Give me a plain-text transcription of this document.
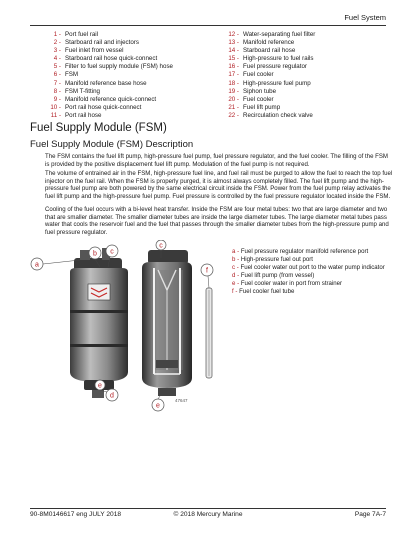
Fuel System
1 - Port fuel rail
2 - Starboard rail and injectors
3 - Fuel inlet from vessel
4 - Starboard rail hose quick-connect
5 - Filter to fuel supply module (FSM) hose
6 - FSM
7 - Manifold reference base hose
8 - FSM T-fitting
9 - Manifold reference quick-connect
10 - Port rail hose quick-connect
11 - Port rail hose
12 - Water-separating fuel filter
13 - Manifold reference
14 - Starboard rail hose
15 - High-pressure to fuel rails
16 - Fuel pressure regulator
17 - Fuel cooler
18 - High-pressure fuel pump
19 - Siphon tube
20 - Fuel cooler
21 - Fuel lift pump
22 - Recirculation check valve
Fuel Supply Module (FSM)
Fuel Supply Module (FSM) Description

The FSM contains the fuel lift pump, high-pressure fuel pump, fuel pressure regulator, and the fuel cooler. The filling of the FSM is provided by the positive displacement fuel lift pump. Modulation of the fuel pump is not required.

The volume of entrained air in the FSM, high-pressure fuel line, and fuel rail must be purged to allow the fuel to reach the top fuel injector on the fuel rail. When the FSM is properly purged, it is almost always completely filled. The fuel lift pump and the high-pressure fuel pump are both powered by the same electrical circuit inside the FSM. Power from the fuel pump relay activates the fuel lift pump and the high-pressure fuel pump. Fuel pressure is controlled by the fuel pressure regulator located inside the FSM.

Cooling of the fuel occurs with a bi-level heat transfer. Inside the FSM are four metal tubes: two that are large diameter and two that are smaller diameter. The smaller diameter tubes are inside the large diameter tubes. The large diameter metal tubes pass water that cools the reservoir fuel and the fuel that passes through the smaller diameter tubes from the high-pressure pump and fuel pressure regulator.

a
b c
c
d
e
e
f
47647
a - Fuel pressure regulator manifold reference port
b - High-pressure fuel out port
c - Fuel cooler water out port to the water pump indicator
d - Fuel lift pump (from vessel)
e - Fuel cooler water in port from strainer
f - Fuel cooler fuel tube
90-8M0146617 eng JULY 2018	© 2018 Mercury Marine	Page 7A-7
